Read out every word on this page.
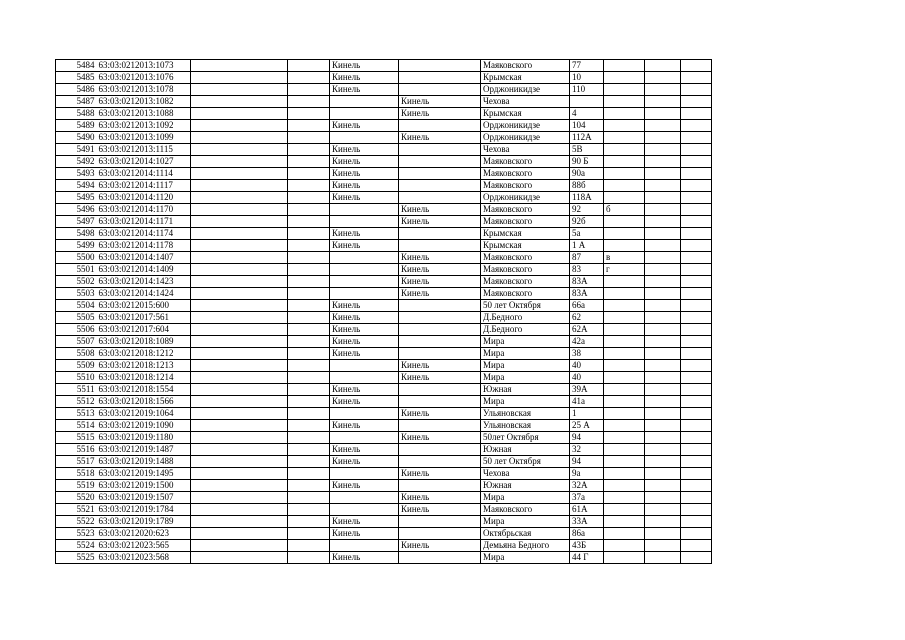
5484	63:03:0212013:1073			Кинель		Маяковского	77			
5485	63:03:0212013:1076			Кинель		Крымская	10			
5486	63:03:0212013:1078			Кинель		Орджоникидзе	110			
5487	63:03:0212013:1082				Кинель	Чехова				
5488	63:03:0212013:1088				Кинель	Крымская	4			
5489	63:03:0212013:1092			Кинель		Орджоникидзе	104			
5490	63:03:0212013:1099				Кинель	Орджоникидзе	112А			
5491	63:03:0212013:1115			Кинель		Чехова	5В			
5492	63:03:0212014:1027			Кинель		Маяковского	90 Б			
5493	63:03:0212014:1114			Кинель		Маяковского	90а			
5494	63:03:0212014:1117			Кинель		Маяковского	88б			
5495	63:03:0212014:1120			Кинель		Орджоникидзе	118А			
5496	63:03:0212014:1170				Кинель	Маяковского	92	б		
5497	63:03:0212014:1171				Кинель	Маяковского	92б			
5498	63:03:0212014:1174			Кинель		Крымская	5а			
5499	63:03:0212014:1178			Кинель		Крымская	1 А			
5500	63:03:0212014:1407				Кинель	Маяковского	87	в		
5501	63:03:0212014:1409				Кинель	Маяковского	83	г		
5502	63:03:0212014:1423				Кинель	Маяковского	83А			
5503	63:03:0212014:1424				Кинель	Маяковского	83А			
5504	63:03:0212015:600			Кинель		50 лет Октября	66а			
5505	63:03:0212017:561			Кинель		Д.Бедного	62			
5506	63:03:0212017:604			Кинель		Д.Бедного	62А			
5507	63:03:0212018:1089			Кинель		Мира	42а			
5508	63:03:0212018:1212			Кинель		Мира	38			
5509	63:03:0212018:1213				Кинель	Мира	40			
5510	63:03:0212018:1214				Кинель	Мира	40			
5511	63:03:0212018:1554			Кинель		Южная	39А			
5512	63:03:0212018:1566			Кинель		Мира	41а			
5513	63:03:0212019:1064				Кинель	Ульяновская	1			
5514	63:03:0212019:1090			Кинель		Ульяновская	25 А			
5515	63:03:0212019:1180				Кинель	50лет Октября	94			
5516	63:03:0212019:1487			Кинель		Южная	32			
5517	63:03:0212019:1488			Кинель		50 лет Октября	94			
5518	63:03:0212019:1495				Кинель	Чехова	9а			
5519	63:03:0212019:1500			Кинель		Южная	32А			
5520	63:03:0212019:1507				Кинель	Мира	37а			
5521	63:03:0212019:1784				Кинель	Маяковского	61А			
5522	63:03:0212019:1789			Кинель		Мира	33А			
5523	63:03:0212020:623			Кинель		Октябрьская	86а			
5524	63:03:0212023:565				Кинель	Демьяна Бедного	43Б			
5525	63:03:0212023:568			Кинель		Мира	44 Г			
